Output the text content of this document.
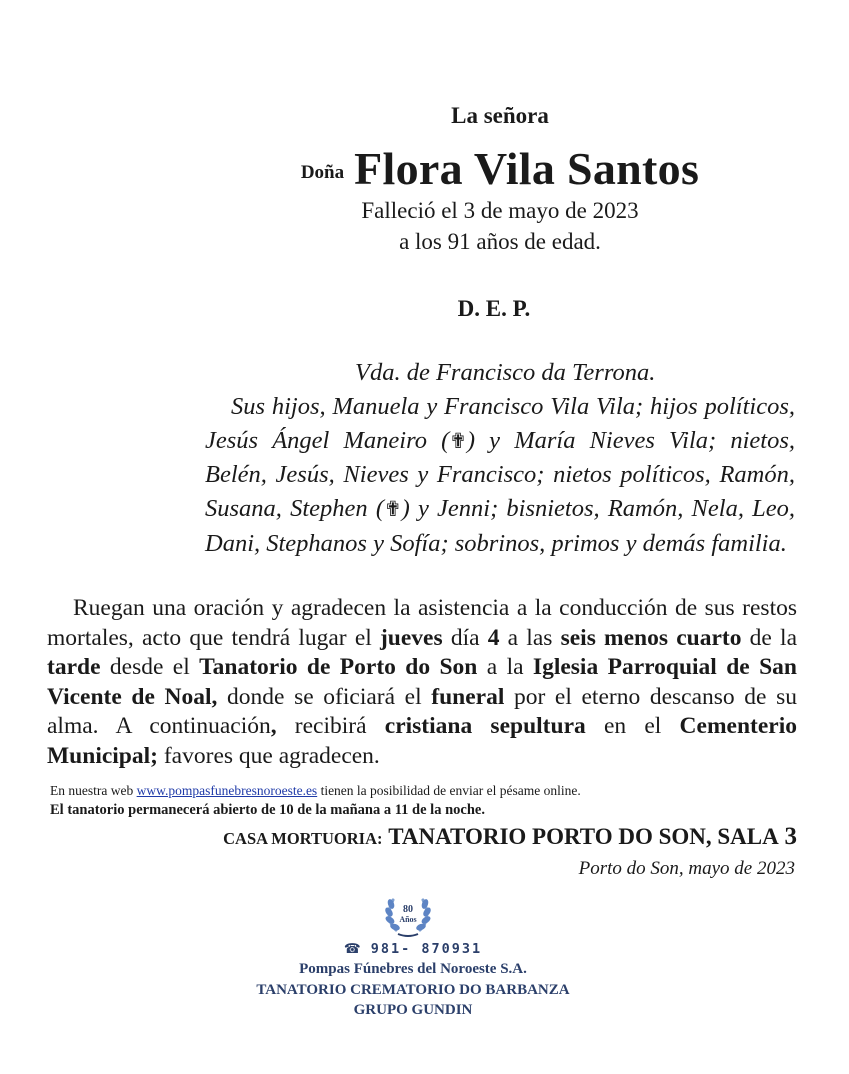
La señora
Doña Flora Vila Santos
Falleció el 3 de mayo de 2023
a los 91 años de edad.
D. E. P.
Vda. de Francisco da Terrona.
Sus hijos, Manuela y Francisco Vila Vila; hijos políticos, Jesús Ángel Maneiro (✟) y María Nieves Vila; nietos, Belén, Jesús, Nieves y Francisco; nietos políticos, Ramón, Susana, Stephen (✟) y Jenni; bisnietos, Ramón, Nela, Leo, Dani, Stephanos y Sofía; sobrinos, primos y demás familia.
Ruegan una oración y agradecen la asistencia a la conducción de sus restos mortales, acto que tendrá lugar el jueves día 4 a las seis menos cuarto de la tarde desde el Tanatorio de Porto do Son a la Iglesia Parroquial de San Vicente de Noal, donde se oficiará el funeral por el eterno descanso de su alma. A continuación, recibirá cristiana sepultura en el Cementerio Municipal; favores que agradecen.
En nuestra web www.pompasfunebresnoroeste.es tienen la posibilidad de enviar el pésame online.
El tanatorio permanecerá abierto de 10 de la mañana a 11 de la noche.
CASA MORTUORIA: TANATORIO PORTO DO SON, SALA 3
Porto do Son, mayo de 2023
80
Años
☎ 981- 870931
Pompas Fúnebres del Noroeste S.A.
TANATORIO CREMATORIO DO BARBANZA
GRUPO GUNDIN
